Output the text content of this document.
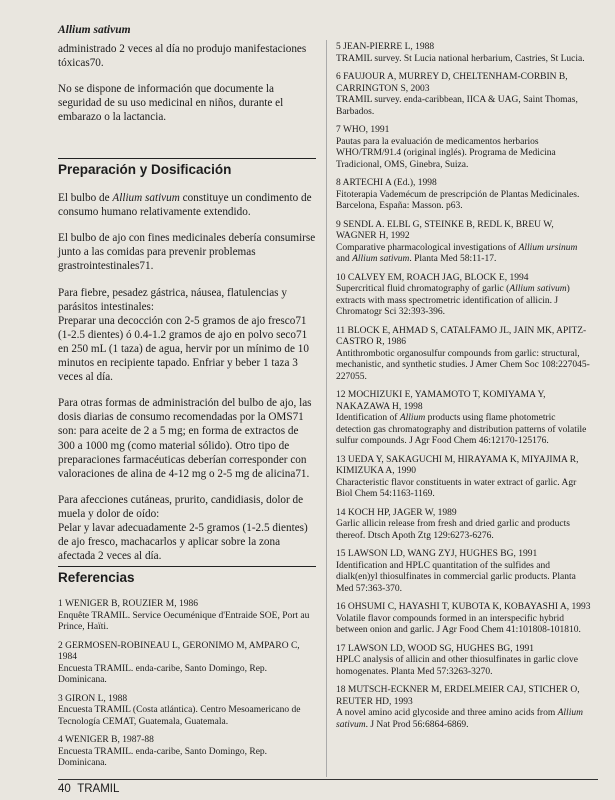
Allium sativum

administrado 2 veces al día no produjo manifestaciones tóxicas70.

No se dispone de información que documente la seguridad de su uso medicinal en niños, durante el embarazo o la lactancia.

Preparación y Dosificación

El bulbo de Allium sativum constituye un condimento de consumo humano relativamente extendido.

El bulbo de ajo con fines medicinales debería consumirse junto a las comidas para prevenir problemas grastrointestinales71.

Para fiebre, pesadez gástrica, náusea, flatulencias y parásitos intestinales:

Preparar una decocción con 2-5 gramos de ajo fresco71 (1-2.5 dientes) ó 0.4-1.2 gramos de ajo en polvo seco71 en 250 mL (1 taza) de agua, hervir por un mínimo de 10 minutos en recipiente tapado. Enfriar y beber 1 taza 3 veces al día.

Para otras formas de administración del bulbo de ajo, las dosis diarias de consumo recomendadas por la OMS71 son: para aceite de 2 a 5 mg; en forma de extractos de 300 a 1000 mg (como material sólido). Otro tipo de preparaciones farmacéuticas deberían corresponder con valoraciones de alina de 4-12 mg o 2-5 mg de alicina71.

Para afecciones cutáneas, prurito, candidiasis, dolor de muela y dolor de oído:

Pelar y lavar adecuadamente 2-5 gramos (1-2.5 dientes) de ajo fresco, machacarlos y aplicar sobre la zona afectada 2 veces al día.

Referencias
1 WENIGER B, ROUZIER M, 1986
Enquête TRAMIL. Service Oecuménique d'Entraide SOE, Port au Prince, Haïti.
2 GERMOSEN-ROBINEAU L, GERONIMO M, AMPARO C, 1984
Encuesta TRAMIL. enda-caribe, Santo Domingo, Rep. Dominicana.
3 GIRON L, 1988
Encuesta TRAMIL (Costa atlántica). Centro Mesoamericano de Tecnología CEMAT, Guatemala, Guatemala.
4 WENIGER B, 1987-88
Encuesta TRAMIL. enda-caribe, Santo Domingo, Rep. Dominicana.
5 JEAN-PIERRE L, 1988
TRAMIL survey. St Lucia national herbarium, Castries, St Lucia.
6 FAUJOUR A, MURREY D, CHELTENHAM-CORBIN B, CARRINGTON S, 2003
TRAMIL survey. enda-caribbean, IICA & UAG, Saint Thomas, Barbados.
7 WHO, 1991
Pautas para la evaluación de medicamentos herbarios WHO/TRM/91.4 (original inglés). Programa de Medicina Tradicional, OMS, Ginebra, Suiza.
8 ARTECHI A (Ed.), 1998
Fitoterapia Vademécum de prescripción de Plantas Medicinales. Barcelona, España: Masson. p63.
9 SENDL A. ELBL G, STEINKE B, REDL K, BREU W, WAGNER H, 1992
Comparative pharmacological investigations of Allium ursinum and Allium sativum. Planta Med 58:11-17.
10 CALVEY EM, ROACH JAG, BLOCK E, 1994
Supercritical fluid chromatography of garlic (Allium sativum) extracts with mass spectrometric identification of allicin. J Chromatogr Sci 32:393-396.
11 BLOCK E, AHMAD S, CATALFAMO JL, JAIN MK, APITZ-CASTRO R, 1986
Antithrombotic organosulfur compounds from garlic: structural, mechanistic, and synthetic studies. J Amer Chem Soc 108:227045-227055.
12 MOCHIZUKI E, YAMAMOTO T, KOMIYAMA Y, NAKAZAWA H, 1998
Identification of Allium products using flame photometric detection gas chromatography and distribution patterns of volatile sulfur compounds. J Agr Food Chem 46:12170-125176.
13 UEDA Y, SAKAGUCHI M, HIRAYAMA K, MIYAJIMA R, KIMIZUKA A, 1990
Characteristic flavor constituents in water extract of garlic. Agr Biol Chem 54:1163-1169.
14 KOCH HP, JAGER W, 1989
Garlic allicin release from fresh and dried garlic and products thereof. Dtsch Apoth Ztg 129:6273-6276.
15 LAWSON LD, WANG ZYJ, HUGHES BG, 1991
Identification and HPLC quantitation of the sulfides and dialk(en)yl thiosulfinates in commercial garlic products. Planta Med 57:363-370.
16 OHSUMI C, HAYASHI T, KUBOTA K, KOBAYASHI A, 1993
Volatile flavor compounds formed in an interspecific hybrid between onion and garlic. J Agr Food Chem 41:101808-101810.
17 LAWSON LD, WOOD SG, HUGHES BG, 1991
HPLC analysis of allicin and other thiosulfinates in garlic clove homogenates. Planta Med 57:3263-3270.
18 MUTSCH-ECKNER M, ERDELMEIER CAJ, STICHER O, REUTER HD, 1993
A novel amino acid glycoside and three amino acids from Allium sativum. J Nat Prod 56:6864-6869.
40 TRAMIL
